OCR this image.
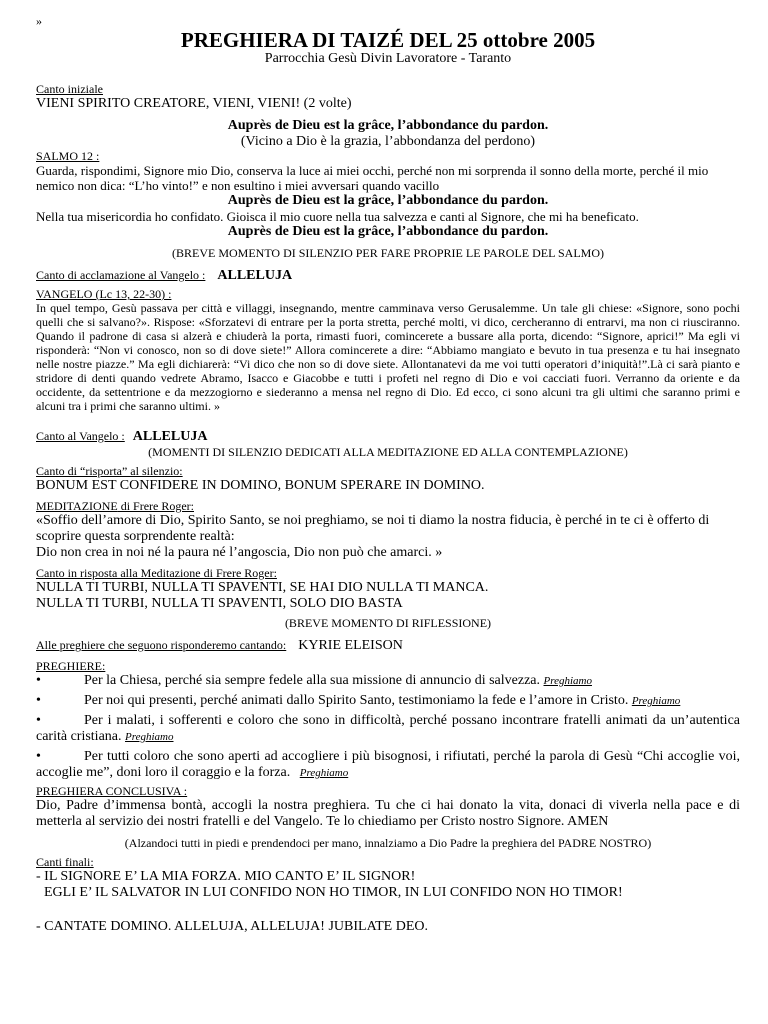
»
PREGHIERA DI TAIZÉ DEL 25 ottobre 2005
Parrocchia Gesù Divin Lavoratore - Taranto
Canto iniziale
VIENI SPIRITO CREATORE, VIENI, VIENI! (2 volte)
Auprès de Dieu est la grâce, l’abbondance du pardon.
(Vicino a Dio è la grazia, l’abbondanza del perdono)
SALMO 12 :
Guarda, rispondimi, Signore mio Dio, conserva la luce ai miei occhi, perché non mi sorprenda il sonno della morte, perché il mio nemico non dica: “L’ho vinto!” e non esultino i miei avversari quando vacillo
Auprès de Dieu est la grâce, l’abbondance du pardon.
Nella tua misericordia ho confidato. Gioisca il mio cuore nella tua salvezza e canti al Signore, che mi ha beneficato.
Auprès de Dieu est la grâce, l’abbondance du pardon.
(BREVE MOMENTO DI SILENZIO PER FARE PROPRIE LE PAROLE DEL SALMO)
Canto di acclamazione al Vangelo : ALLELUJA
VANGELO (Lc 13, 22-30) :
In quel tempo, Gesù passava per città e villaggi, insegnando, mentre camminava verso Gerusalemme. Un tale gli chiese: «Signore, sono pochi quelli che si salvano?». Rispose: «Sforzatevi di entrare per la porta stretta, perché molti, vi dico, cercheranno di entrarvi, ma non ci riusciranno. Quando il padrone di casa si alzerà e chiuderà la porta, rimasti fuori, comincerete a bussare alla porta, dicendo: “Signore, aprici!” Ma egli vi risponderà: “Non vi conosco, non so di dove siete!” Allora comincerete a dire: “Abbiamo mangiato e bevuto in tua presenza e tu hai insegnato nelle nostre piazze.” Ma egli dichiarerà: “Vi dico che non so di dove siete. Allontanatevi da me voi tutti operatori d’iniquità!”.Là ci sarà pianto e stridore di denti quando vedrete Abramo, Isacco e Giacobbe e tutti i profeti nel regno di Dio e voi cacciati fuori. Verranno da oriente e da occidente, da settentrione e da mezzogiorno e siederanno a mensa nel regno di Dio. Ed ecco, ci sono alcuni tra gli ultimi che saranno primi e alcuni tra i primi che saranno ultimi. »
Canto al Vangelo : ALLELUJA
(MOMENTI DI SILENZIO DEDICATI ALLA MEDITAZIONE ED ALLA CONTEMPLAZIONE)
Canto di “risporta” al silenzio:
BONUM EST CONFIDERE IN DOMINO, BONUM SPERARE IN DOMINO.
MEDITAZIONE di Frere Roger:
«Soffio dell’amore di Dio, Spirito Santo, se noi preghiamo, se noi ti diamo la nostra fiducia, è perché in te ci è offerto di scoprire questa sorprendente realtà:
Dio non crea in noi né la paura né l’angoscia, Dio non può che amarci. »
Canto in risposta alla Meditazione di Frere Roger:
NULLA TI TURBI, NULLA TI SPAVENTI, SE HAI DIO NULLA TI MANCA.
NULLA TI TURBI, NULLA TI SPAVENTI, SOLO DIO BASTA
(BREVE MOMENTO DI RIFLESSIONE)
Alle preghiere che seguono risponderemo cantando: KYRIE ELEISON
PREGHIERE:
•	Per la Chiesa, perché sia sempre fedele alla sua missione di annuncio di salvezza. Preghiamo
•	Per noi qui presenti, perché animati dallo Spirito Santo, testimoniamo la fede e l’amore in Cristo. Preghiamo
•	Per i malati, i sofferenti e coloro che sono in difficoltà, perché possano incontrare fratelli animati da un’autentica carità cristiana. Preghiamo
•	Per tutti coloro che sono aperti ad accogliere i più bisognosi, i rifiutati, perché la parola di Gesù “Chi accoglie voi, accoglie me”, doni loro il coraggio e la forza. Preghiamo
PREGHIERA CONCLUSIVA :
Dio, Padre d’immensa bontà, accogli la nostra preghiera. Tu che ci hai donato la vita, donaci di viverla nella pace e di metterla al servizio dei nostri fratelli e del Vangelo. Te lo chiediamo per Cristo nostro Signore. AMEN
(Alzandoci tutti in piedi e prendendoci per mano, innalziamo a Dio Padre la preghiera del PADRE NOSTRO)
Canti finali:
- IL SIGNORE E’ LA MIA FORZA. MIO CANTO E’ IL SIGNOR!
EGLI E’ IL SALVATOR IN LUI CONFIDO NON HO TIMOR, IN LUI CONFIDO NON HO TIMOR!
- CANTATE DOMINO. ALLELUJA, ALLELUJA! JUBILATE DEO.
